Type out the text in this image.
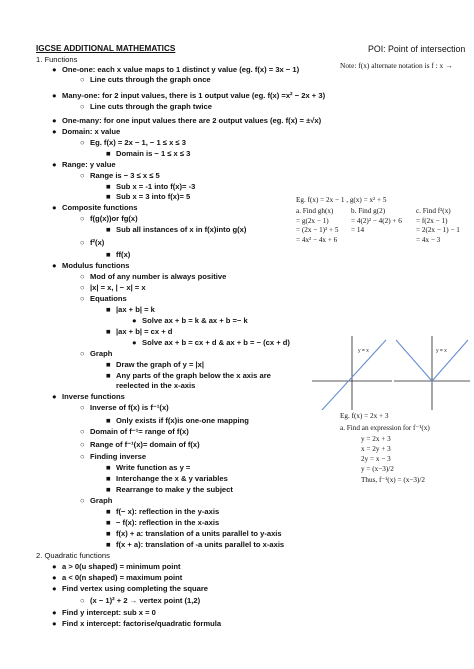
IGCSE ADDITIONAL MATHEMATICS	POI: Point of intersection
Note: f(x) alternate notation is f : x →
1. Functions
● One-one: each x value maps to 1 distinct y value (eg. f(x) = 3x − 1)
○ Line cuts through the graph once
● Many-one: for 2 input values, there is 1 output value (eg. f(x) =x² − 2x + 3)
○ Line cuts through the graph twice
● One-many: for one input values there are 2 output values (eg. f(x) = ±√x)
● Domain: x value
○ Eg. f(x) = 2x − 1, − 1 ≤ x ≤ 3
■ Domain is − 1 ≤ x ≤ 3
● Range: y value
○ Range is − 3 ≤ x ≤ 5
■ Sub x = -1 into f(x)= -3
■ Sub x = 3 into f(x)= 5
● Composite functions
○ f(g(x))or fg(x)
■ Sub all instances of x in f(x)into g(x)
○ f²(x)
■ ff(x)
● Modulus functions
○ Mod of any number is always positive
○ |x| = x, | − x| = x
○ Equations
■ |ax + b| = k
● Solve ax + b = k & ax + b =− k
■ |ax + b| = cx + d
● Solve ax + b = cx + d & ax + b = − (cx + d)
○ Graph
■ Draw the graph of y = |x|
■ Any parts of the graph below the x axis are
reelected in the x-axis
● Inverse functions
○ Inverse of f(x) is f⁻¹(x)
■ Only exists if f(x)is one-one mapping
○ Domain of f⁻¹= range of f(x)
○ Range of f⁻¹(x)= domain of f(x)
○ Finding inverse
■ Write function as y =
■ Interchange the x & y variables
■ Rearrange to make y the subject
○ Graph
■ f(− x): reflection in the y-axis
■ − f(x): reflection in the x-axis
■ f(x) + a: translation of a units parallel to y-axis
■ f(x + a): translation of -a units parallel to x-axis
2. Quadratic functions
● a > 0(u shaped) = minimum point
● a < 0(n shaped) = maximum point
● Find vertex using completing the square
○ (x − 1)² + 2 → vertex point (1,2)
● Find y intercept: sub x = 0
● Find x intercept: factorise/quadratic formula
Eg. f(x) = 2x − 1 , g(x) = x² + 5
a. Find gh(x)
= g(2x − 1)
= (2x − 1)² + 5
= 4x² − 4x + 6
b. Find g(2)
= 4(2)² − 4(2) + 6
= 14
c. Find f²(x)
= f(2x − 1)
= 2(2x − 1) − 1
= 4x − 3
y = x	y = x
Eg. f(x) = 2x + 3
a. Find an expression for f⁻¹(x)
y = 2x + 3
x = 2y + 3
2y = x − 3
y = (x−3)/2
Thus, f⁻¹(x) = (x−3)/2
